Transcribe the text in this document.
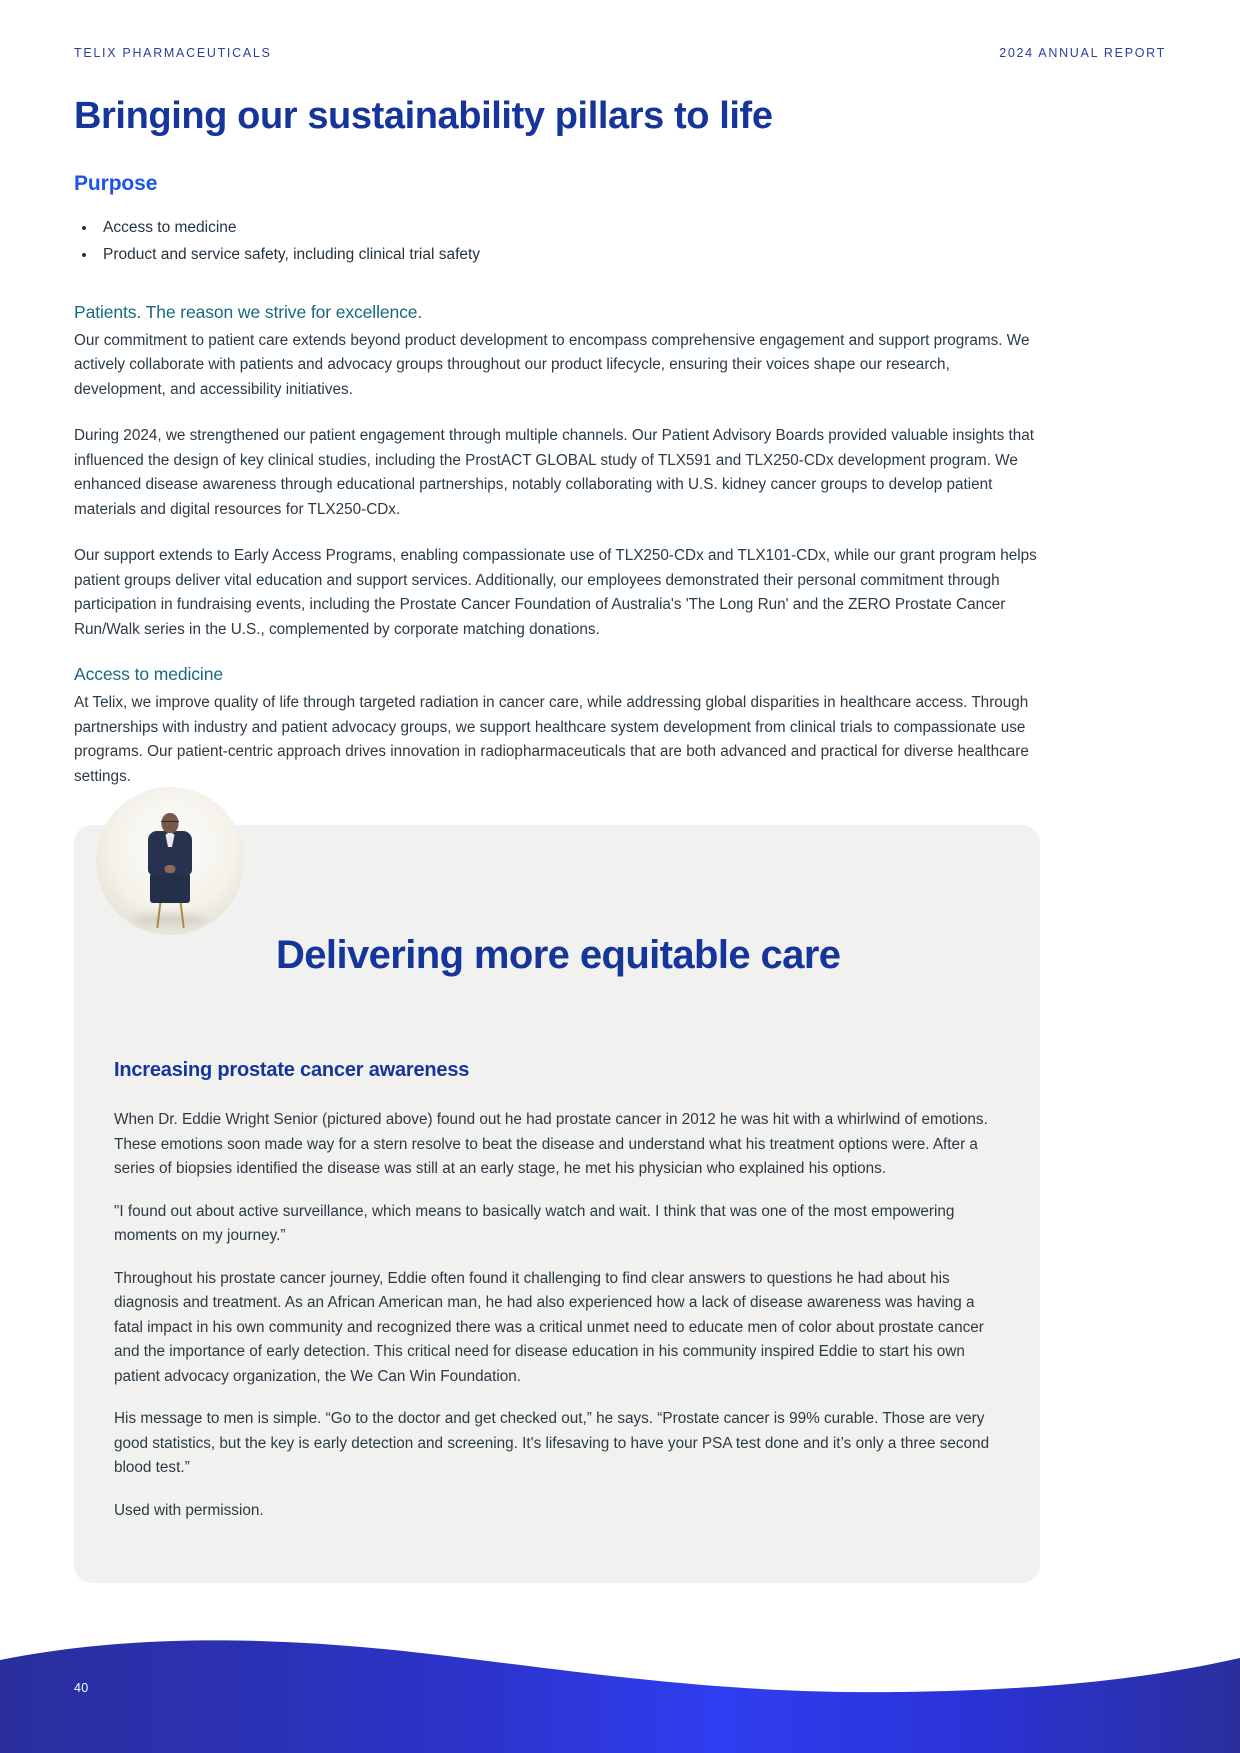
TELIX PHARMACEUTICALS	2024 ANNUAL REPORT
Bringing our sustainability pillars to life
Purpose
Access to medicine
Product and service safety, including clinical trial safety
Patients. The reason we strive for excellence.

Our commitment to patient care extends beyond product development to encompass comprehensive engagement and support programs. We actively collaborate with patients and advocacy groups throughout our product lifecycle, ensuring their voices shape our research, development, and accessibility initiatives.

During 2024, we strengthened our patient engagement through multiple channels. Our Patient Advisory Boards provided valuable insights that influenced the design of key clinical studies, including the ProstACT GLOBAL study of TLX591 and TLX250-CDx development program. We enhanced disease awareness through educational partnerships, notably collaborating with U.S. kidney cancer groups to develop patient materials and digital resources for TLX250-CDx.

Our support extends to Early Access Programs, enabling compassionate use of TLX250-CDx and TLX101-CDx, while our grant program helps patient groups deliver vital education and support services. Additionally, our employees demonstrated their personal commitment through participation in fundraising events, including the Prostate Cancer Foundation of Australia's 'The Long Run' and the ZERO Prostate Cancer Run/Walk series in the U.S., complemented by corporate matching donations.

Access to medicine

At Telix, we improve quality of life through targeted radiation in cancer care, while addressing global disparities in healthcare access. Through partnerships with industry and patient advocacy groups, we support healthcare system development from clinical trials to compassionate use programs. Our patient-centric approach drives innovation in radiopharmaceuticals that are both advanced and practical for diverse healthcare settings.

Delivering more equitable care
Increasing prostate cancer awareness

When Dr. Eddie Wright Senior (pictured above) found out he had prostate cancer in 2012 he was hit with a whirlwind of emotions. These emotions soon made way for a stern resolve to beat the disease and understand what his treatment options were. After a series of biopsies identified the disease was still at an early stage, he met his physician who explained his options.

"I found out about active surveillance, which means to basically watch and wait. I think that was one of the most empowering moments on my journey.”

Throughout his prostate cancer journey, Eddie often found it challenging to find clear answers to questions he had about his diagnosis and treatment. As an African American man, he had also experienced how a lack of disease awareness was having a fatal impact in his own community and recognized there was a critical unmet need to educate men of color about prostate cancer and the importance of early detection. This critical need for disease education in his community inspired Eddie to start his own patient advocacy organization, the We Can Win Foundation.

His message to men is simple. “Go to the doctor and get checked out,” he says. “Prostate cancer is 99% curable. Those are very good statistics, but the key is early detection and screening. It's lifesaving to have your PSA test done and it’s only a three second blood test.”

Used with permission.

40
